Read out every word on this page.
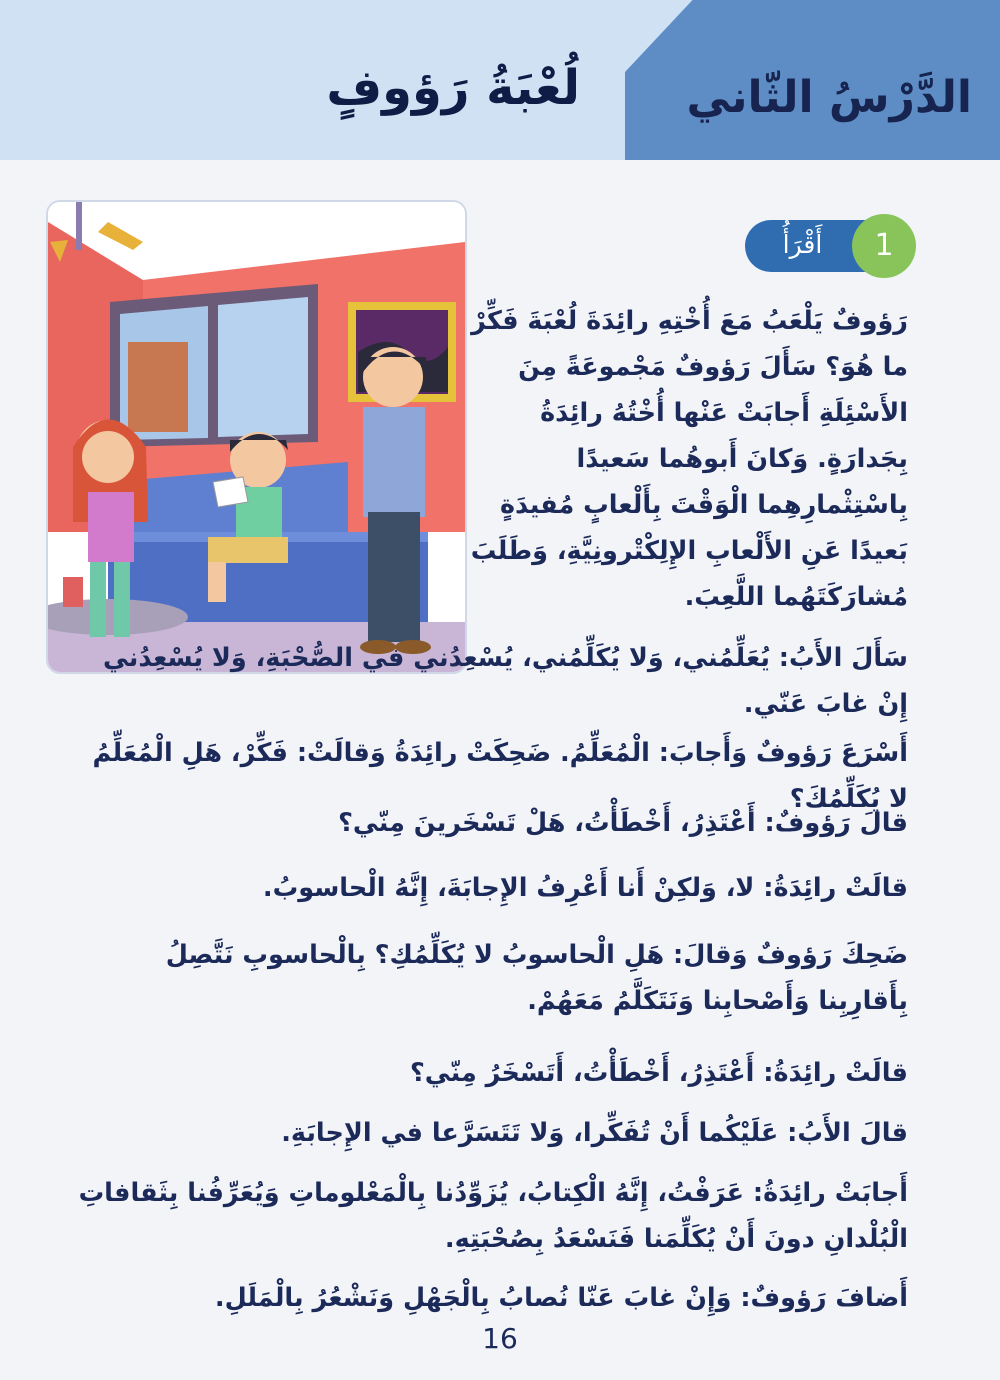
الدَّرْسُ الثّاني
لُعْبَةُ رَؤوفٍ
1
أَقْرَأُ
رَؤوفٌ يَلْعَبُ مَعَ أُخْتِهِ رائِدَةَ لُعْبَةَ فَكِّرْ ما هُوَ؟ سَأَلَ رَؤوفٌ مَجْموعَةً مِنَ الأَسْئِلَةِ أَجابَتْ عَنْها أُخْتُهُ رائِدَةُ بِجَدارَةٍ. وَكانَ أَبوهُما سَعيدًا بِاسْتِثْمارِهِما الْوَقْتَ بِأَلْعابٍ مُفيدَةٍ بَعيدًا عَنِ الأَلْعابِ الإِلِكْتْرونِيَّةِ، وَطَلَبَ مُشارَكَتَهُما اللَّعِبَ.
سَأَلَ الأَبُ: يُعَلِّمُني، وَلا يُكَلِّمُني، يُسْعِدُني في الصُّحْبَةِ، وَلا يُسْعِدُني إِنْ غابَ عَنّي.
أَسْرَعَ رَؤوفٌ وَأَجابَ: الْمُعَلِّمُ. ضَحِكَتْ رائِدَةُ وَقالَتْ: فَكِّرْ، هَلِ الْمُعَلِّمُ لا يُكَلِّمُكَ؟
قالَ رَؤوفٌ: أَعْتَذِرُ، أَخْطَأْتُ، هَلْ تَسْخَرينَ مِنّي؟
قالَتْ رائِدَةُ: لا، وَلكِنْ أَنا أَعْرِفُ الإِجابَةَ، إِنَّهُ الْحاسوبُ.
ضَحِكَ رَؤوفٌ وَقالَ: هَلِ الْحاسوبُ لا يُكَلِّمُكِ؟ بِالْحاسوبِ نَتَّصِلُ بِأَقارِبِنا وَأَصْحابِنا وَنَتَكَلَّمُ مَعَهُمْ.
قالَتْ رائِدَةُ: أَعْتَذِرُ، أَخْطَأْتُ، أَتَسْخَرُ مِنّي؟
قالَ الأَبُ: عَلَيْكُما أَنْ تُفَكِّرا، وَلا تَتَسَرَّعا في الإِجابَةِ.
أَجابَتْ رائِدَةُ: عَرَفْتُ، إِنَّهُ الْكِتابُ، يُزَوِّدُنا بِالْمَعْلوماتِ وَيُعَرِّفُنا بِثَقافاتِ الْبُلْدانِ دونَ أَنْ يُكَلِّمَنا فَنَسْعَدُ بِصُحْبَتِهِ.
أَضافَ رَؤوفٌ: وَإِنْ غابَ عَنّا نُصابُ بِالْجَهْلِ وَنَشْعُرُ بِالْمَلَلِ.
16
